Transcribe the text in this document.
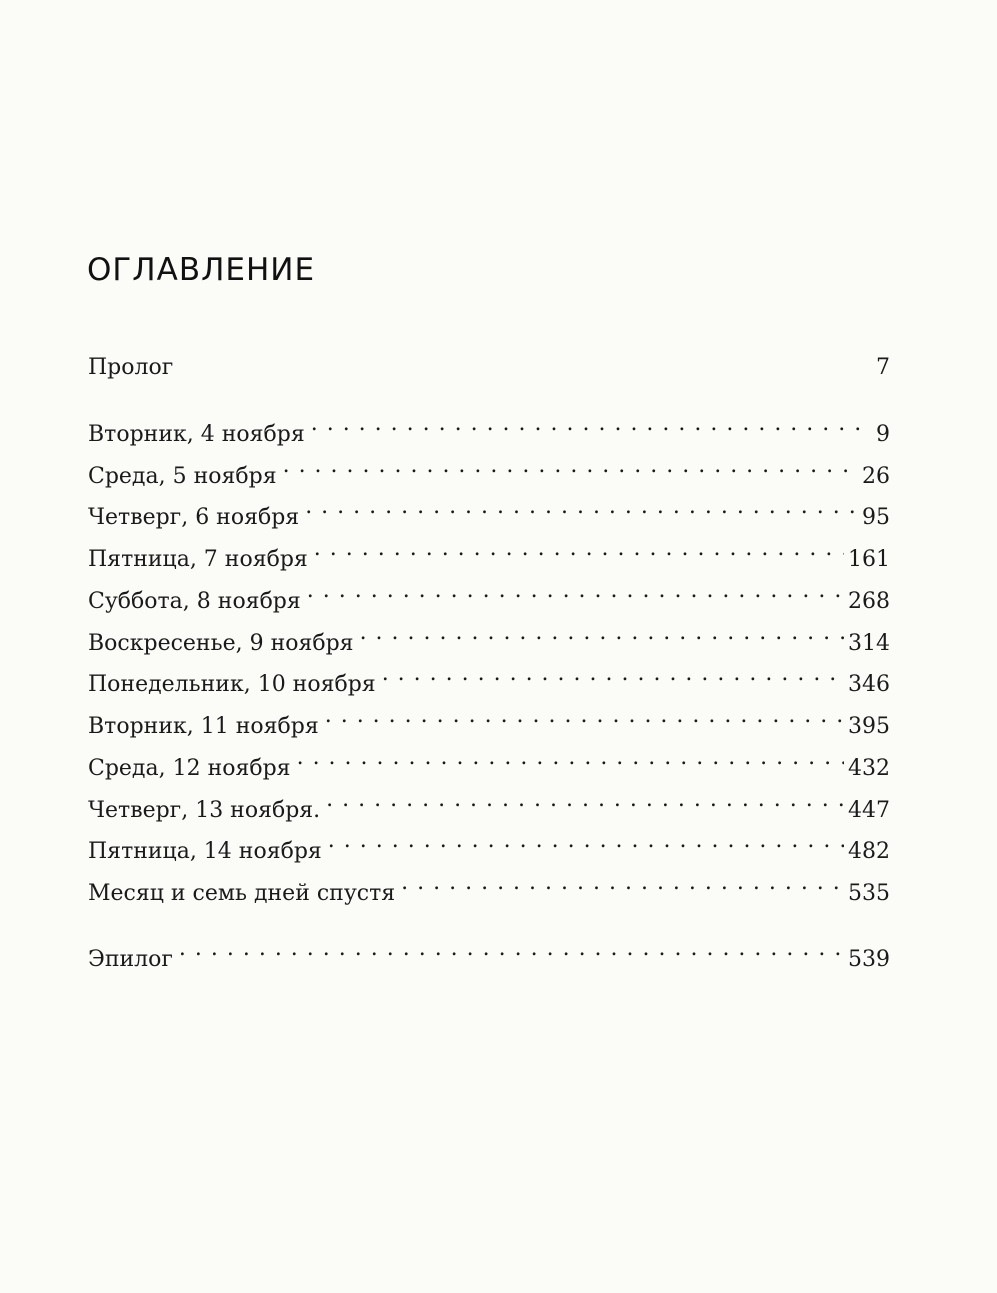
ОГЛАВЛЕНИЕ
Пролог	7
Вторник, 4 ноября . . .	9
Среда, 5 ноября . . .	26
Четверг, 6 ноября . . .	95
Пятница, 7 ноября . . .	161
Суббота, 8 ноября . . .	268
Воскресенье, 9 ноября . . .	314
Понедельник, 10 ноября . . .	346
Вторник, 11 ноября . . .	395
Среда, 12 ноября . . .	432
Четверг, 13 ноября. . . .	447
Пятница, 14 ноября . . .	482
Месяц и семь дней спустя . . .	535
Эпилог . . .	539
